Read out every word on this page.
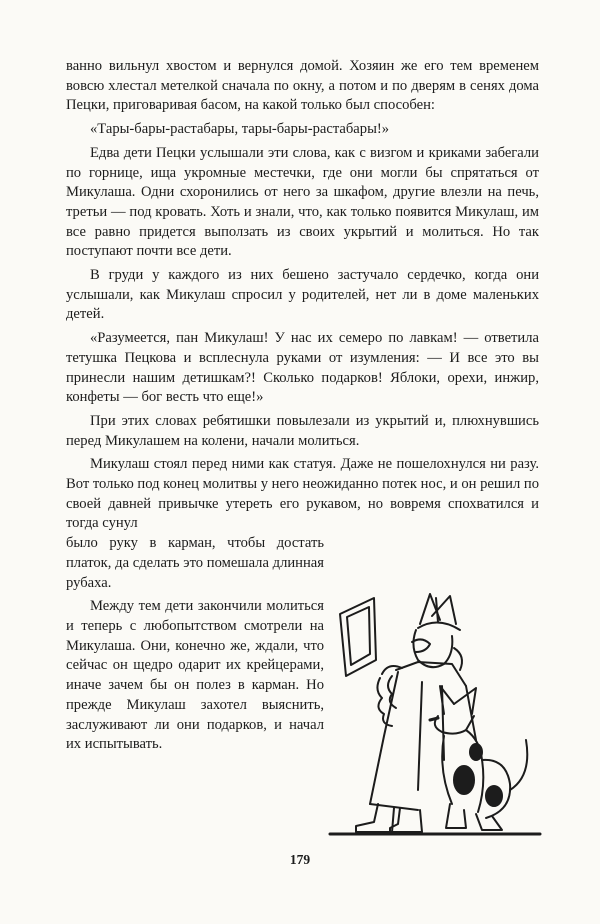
ванно вильнул хвостом и вернулся домой. Хозяин же его тем временем вовсю хлестал метелкой сначала по окну, а потом и по дверям в сенях дома Пецки, приговаривая басом, на какой только был способен:

«Тары-бары-растабары, тары-бары-растабары!»

Едва дети Пецки услышали эти слова, как с визгом и криками забегали по горнице, ища укромные местечки, где они могли бы спрятаться от Микулаша. Одни схоронились от него за шкафом, другие влезли на печь, третьи — под кровать. Хоть и знали, что, как только появится Микулаш, им все равно придется выползать из своих укрытий и молиться. Но так поступают почти все дети.

В груди у каждого из них бешено застучало сердечко, когда они услышали, как Микулаш спросил у родителей, нет ли в доме маленьких детей.

«Разумеется, пан Микулаш! У нас их семеро по лавкам! — ответила тетушка Пецкова и всплеснула руками от изумления: — И все это вы принесли нашим детишкам?! Сколько подарков! Яблоки, орехи, инжир, конфеты — бог весть что еще!»

При этих словах ребятишки повылезали из укрытий и, плюхнувшись перед Микулашем на колени, начали молиться.

Микулаш стоял перед ними как статуя. Даже не пошелохнулся ни разу. Вот только под конец молитвы у него неожиданно потек нос, и он решил по своей давней привычке утереть его рукавом, но вовремя спохватился и тогда сунул

было руку в карман, чтобы достать платок, да сделать это помешала длинная рубаха.

Между тем дети закончили молиться и теперь с любопытством смотрели на Микулаша. Они, конечно же, ждали, что сейчас он щедро одарит их крейцерами, иначе зачем бы он полез в карман. Но прежде Микулаш захотел выяснить, заслуживают ли они подарков, и начал их испытывать.

179
